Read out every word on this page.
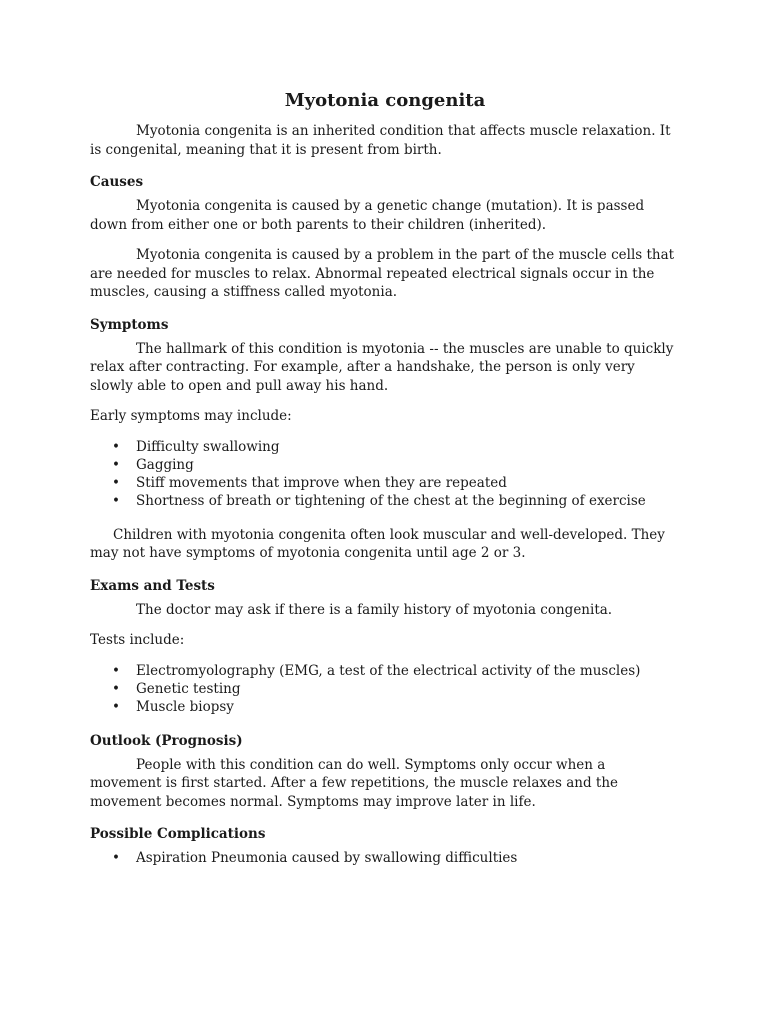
Myotonia congenita

Myotonia congenita is an inherited condition that affects muscle relaxation. It is congenital, meaning that it is present from birth.

Causes

Myotonia congenita is caused by a genetic change (mutation). It is passed down from either one or both parents to their children (inherited).

Myotonia congenita is caused by a problem in the part of the muscle cells that are needed for muscles to relax. Abnormal repeated electrical signals occur in the muscles, causing a stiffness called myotonia.

Symptoms

The hallmark of this condition is myotonia -- the muscles are unable to quickly relax after contracting. For example, after a handshake, the person is only very slowly able to open and pull away his hand.

Early symptoms may include:

• Difficulty swallowing
• Gagging
• Stiff movements that improve when they are repeated
• Shortness of breath or tightening of the chest at the beginning of exercise

Children with myotonia congenita often look muscular and well-developed. They may not have symptoms of myotonia congenita until age 2 or 3.

Exams and Tests

The doctor may ask if there is a family history of myotonia congenita.

Tests include:

• Electromyolography (EMG, a test of the electrical activity of the muscles)
• Genetic testing
• Muscle biopsy
Outlook (Prognosis)

People with this condition can do well. Symptoms only occur when a movement is first started. After a few repetitions, the muscle relaxes and the movement becomes normal. Symptoms may improve later in life.

Possible Complications
• Aspiration Pneumonia caused by swallowing difficulties
